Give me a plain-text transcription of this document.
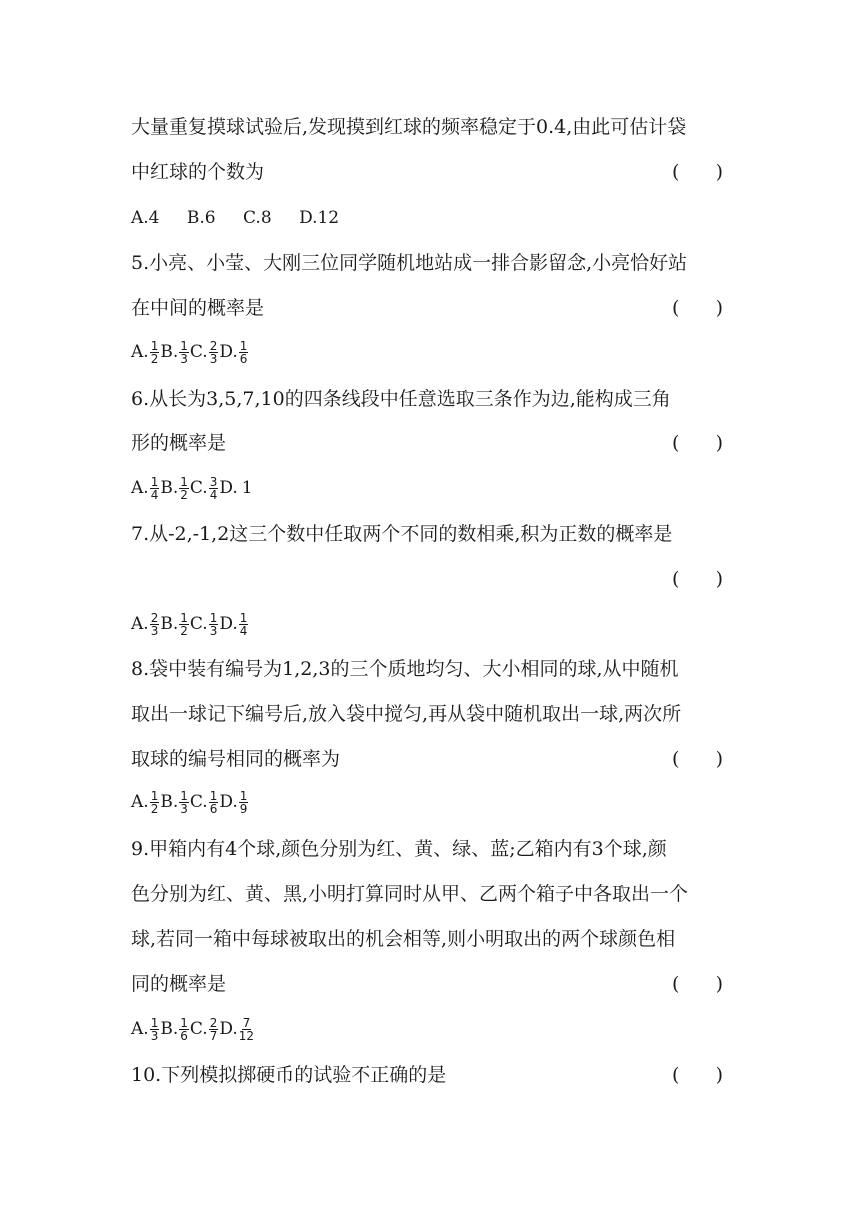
大量重复摸球试验后,发现摸到红球的频率稳定于0.4,由此可估计袋
中红球的个数为	(      )
A.4 B.6 C.8 D.12
5.小亮、小莹、大刚三位同学随机地站成一排合影留念,小亮恰好站
在中间的概率是	(      )
A. $\frac{1}{2} B$. $\frac{1}{3} C$. $\frac{2}{3} D$. $\frac{1}{6}$
6.从长为3,5,7,10的四条线段中任意选取三条作为边,能构成三角
形的概率是	(      )
A. $\frac{1}{4} B$. $\frac{1}{2} C$. $\frac{3}{4} D$. 1
7.从-2,-1,2这三个数中任取两个不同的数相乘,积为正数的概率是
(      )
A. $\frac{2}{3} B$. $\frac{1}{2} C$. $\frac{1}{3} D$. $\frac{1}{4}$
8.袋中装有编号为1,2,3的三个质地均匀、大小相同的球,从中随机
取出一球记下编号后,放入袋中搅匀,再从袋中随机取出一球,两次所
取球的编号相同的概率为	(      )
A. $\frac{1}{2} B$. $\frac{1}{3} C$. $\frac{1}{6} D$. $\frac{1}{9}$
9.甲箱内有4个球,颜色分别为红、黄、绿、蓝;乙箱内有3个球,颜
色分别为红、黄、黑,小明打算同时从甲、乙两个箱子中各取出一个
球,若同一箱中每球被取出的机会相等,则小明取出的两个球颜色相
同的概率是	(      )
A. $\frac{1}{3} B$. $\frac{1}{6} C$. $\frac{2}{7} D$. $\frac{7}{12}$
10.下列模拟掷硬币的试验不正确的是	(      )
